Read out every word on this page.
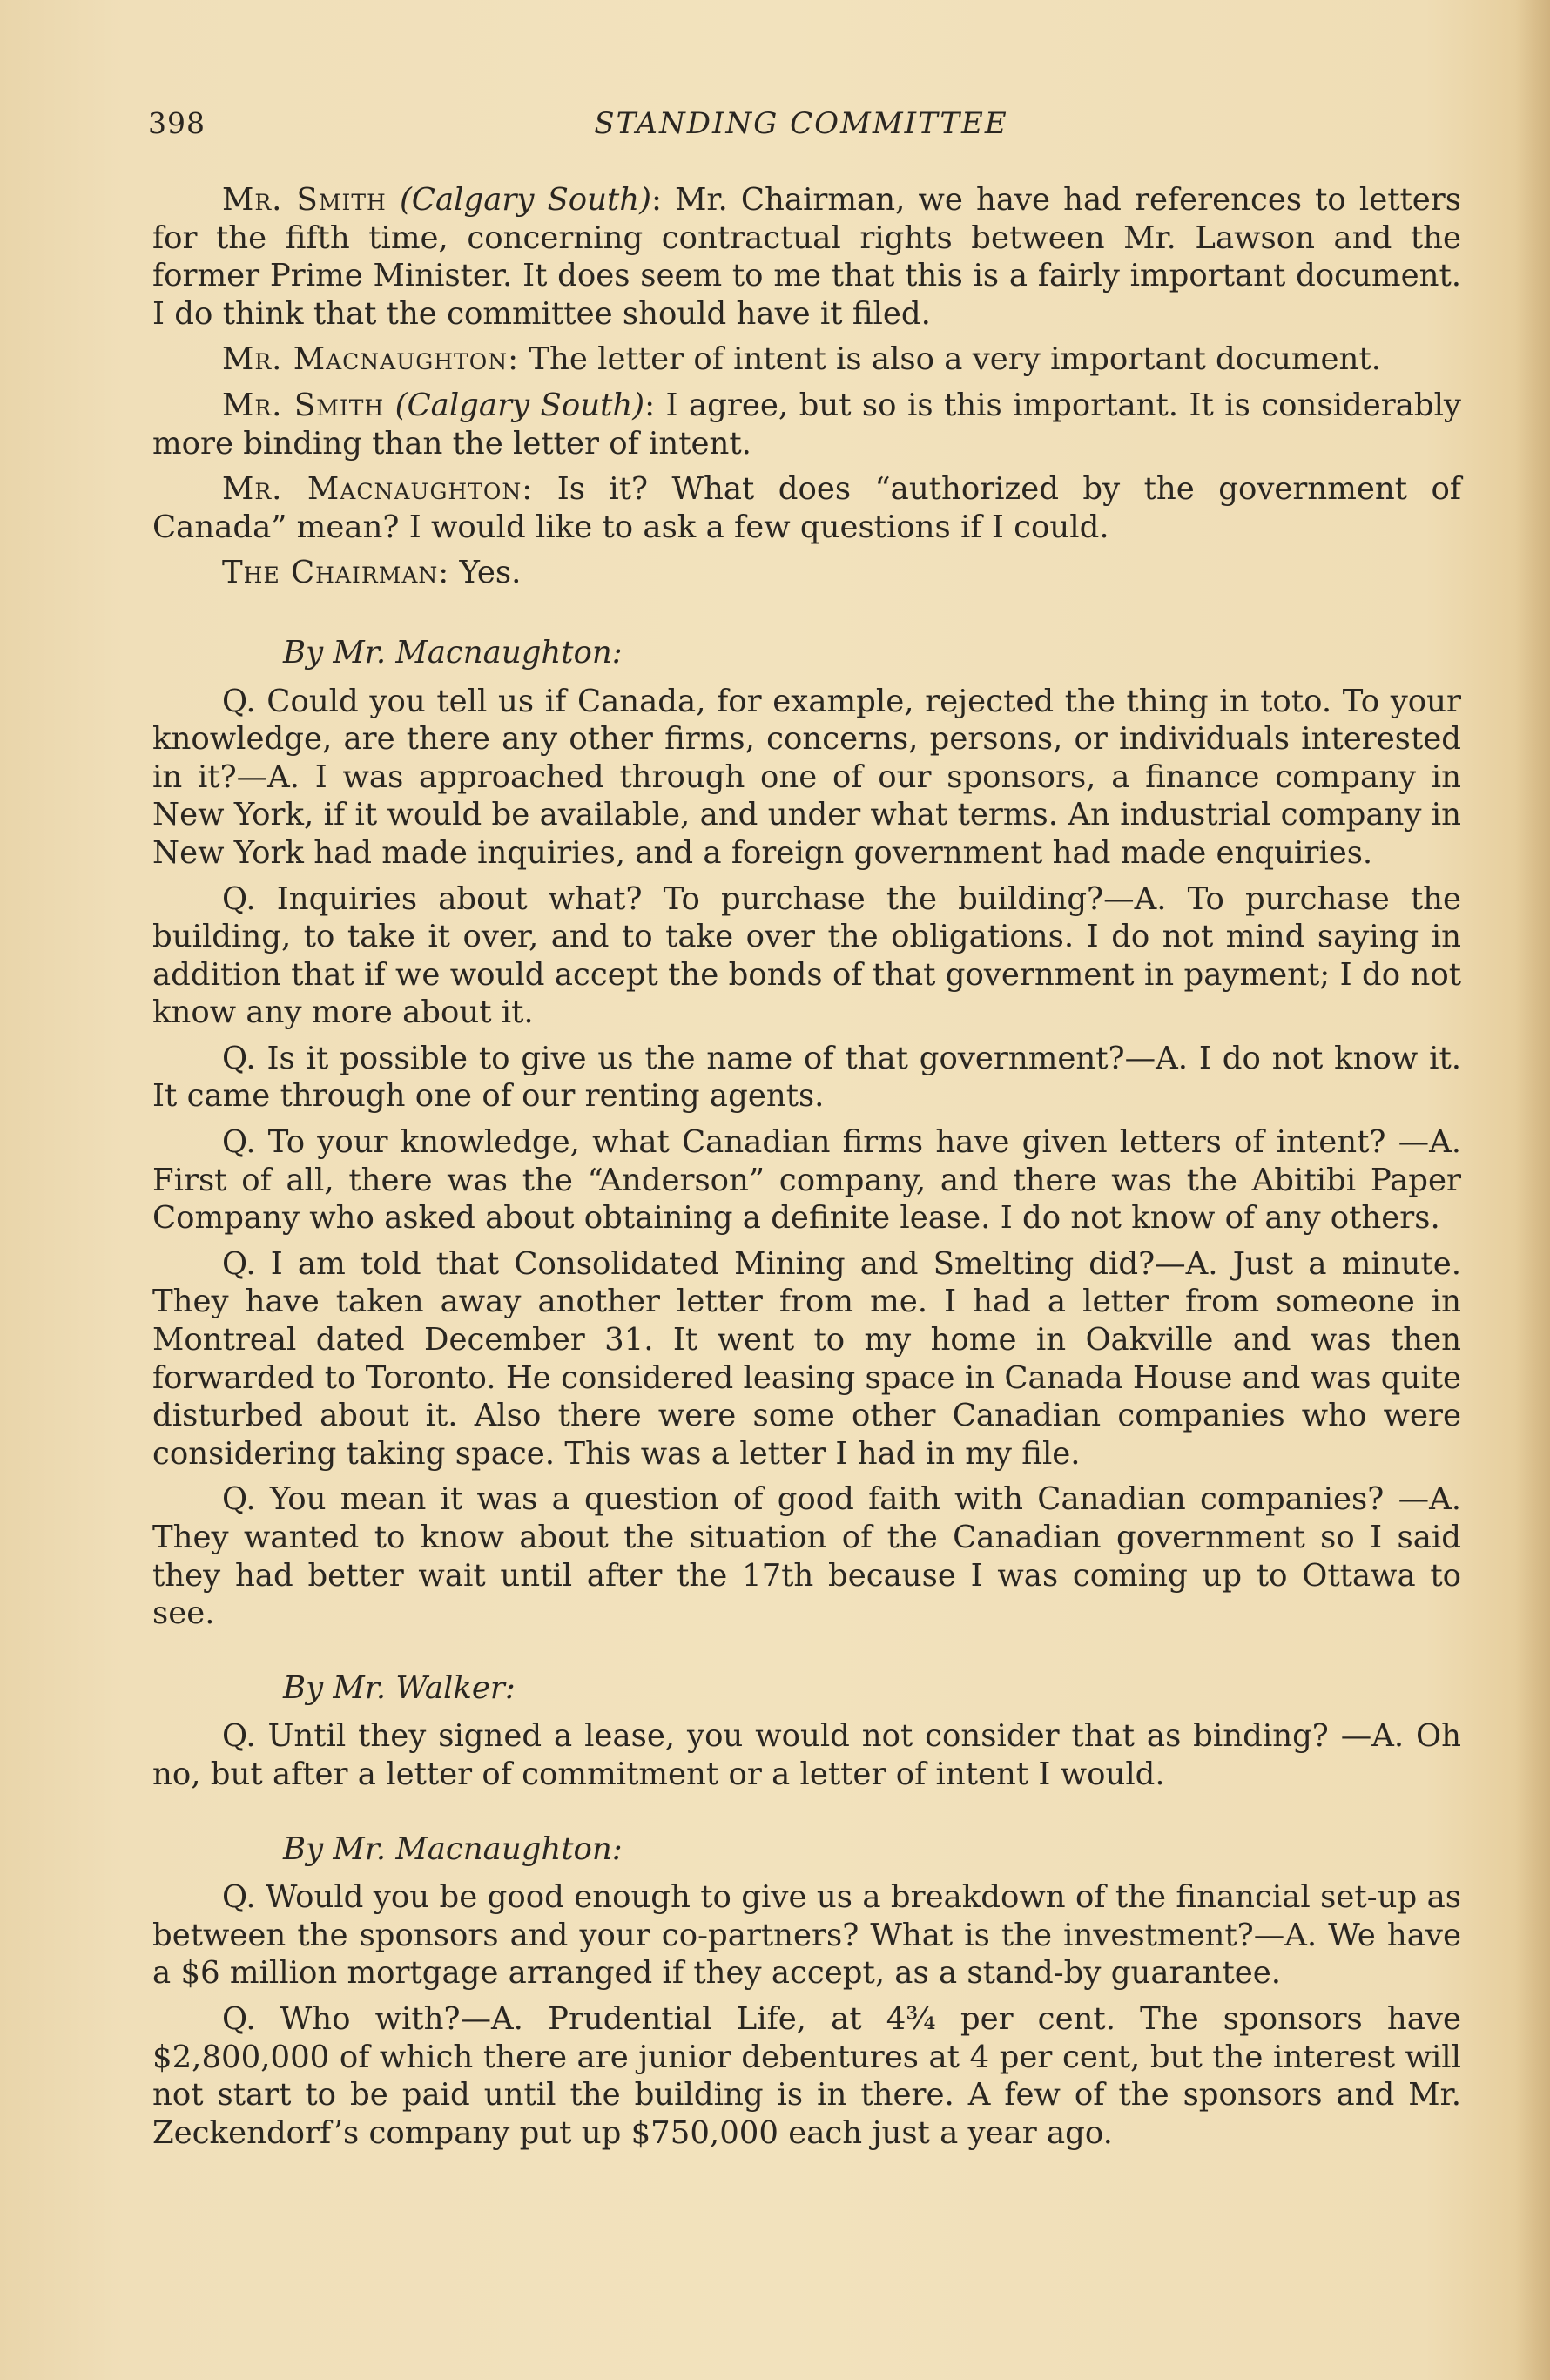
398	STANDING COMMITTEE

Mr. Smith (Calgary South): Mr. Chairman, we have had references to letters for the fifth time, concerning contractual rights between Mr. Lawson and the former Prime Minister. It does seem to me that this is a fairly important document. I do think that the committee should have it filed.

Mr. Macnaughton: The letter of intent is also a very important document.

Mr. Smith (Calgary South): I agree, but so is this important. It is considerably more binding than the letter of intent.

Mr. Macnaughton: Is it? What does “authorized by the government of Canada” mean? I would like to ask a few questions if I could.

The Chairman: Yes.

By Mr. Macnaughton:

Q. Could you tell us if Canada, for example, rejected the thing in toto. To your knowledge, are there any other firms, concerns, persons, or individuals interested in it?—A. I was approached through one of our sponsors, a finance company in New York, if it would be available, and under what terms. An industrial company in New York had made inquiries, and a foreign government had made enquiries.

Q. Inquiries about what? To purchase the building?—A. To purchase the building, to take it over, and to take over the obligations. I do not mind saying in addition that if we would accept the bonds of that government in payment; I do not know any more about it.

Q. Is it possible to give us the name of that government?—A. I do not know it. It came through one of our renting agents.

Q. To your knowledge, what Canadian firms have given letters of intent? —A. First of all, there was the “Anderson” company, and there was the Abitibi Paper Company who asked about obtaining a definite lease. I do not know of any others.

Q. I am told that Consolidated Mining and Smelting did?—A. Just a minute. They have taken away another letter from me. I had a letter from someone in Montreal dated December 31. It went to my home in Oakville and was then forwarded to Toronto. He considered leasing space in Canada House and was quite disturbed about it. Also there were some other Canadian companies who were considering taking space. This was a letter I had in my file.

Q. You mean it was a question of good faith with Canadian companies? —A. They wanted to know about the situation of the Canadian government so I said they had better wait until after the 17th because I was coming up to Ottawa to see.

By Mr. Walker:

Q. Until they signed a lease, you would not consider that as binding? —A. Oh no, but after a letter of commitment or a letter of intent I would.

By Mr. Macnaughton:

Q. Would you be good enough to give us a breakdown of the financial set-up as between the sponsors and your co-partners? What is the investment?—A. We have a $6 million mortgage arranged if they accept, as a stand-by guarantee.

Q. Who with?—A. Prudential Life, at 4¾ per cent. The sponsors have $2,800,000 of which there are junior debentures at 4 per cent, but the interest will not start to be paid until the building is in there. A few of the sponsors and Mr. Zeckendorf’s company put up $750,000 each just a year ago.
